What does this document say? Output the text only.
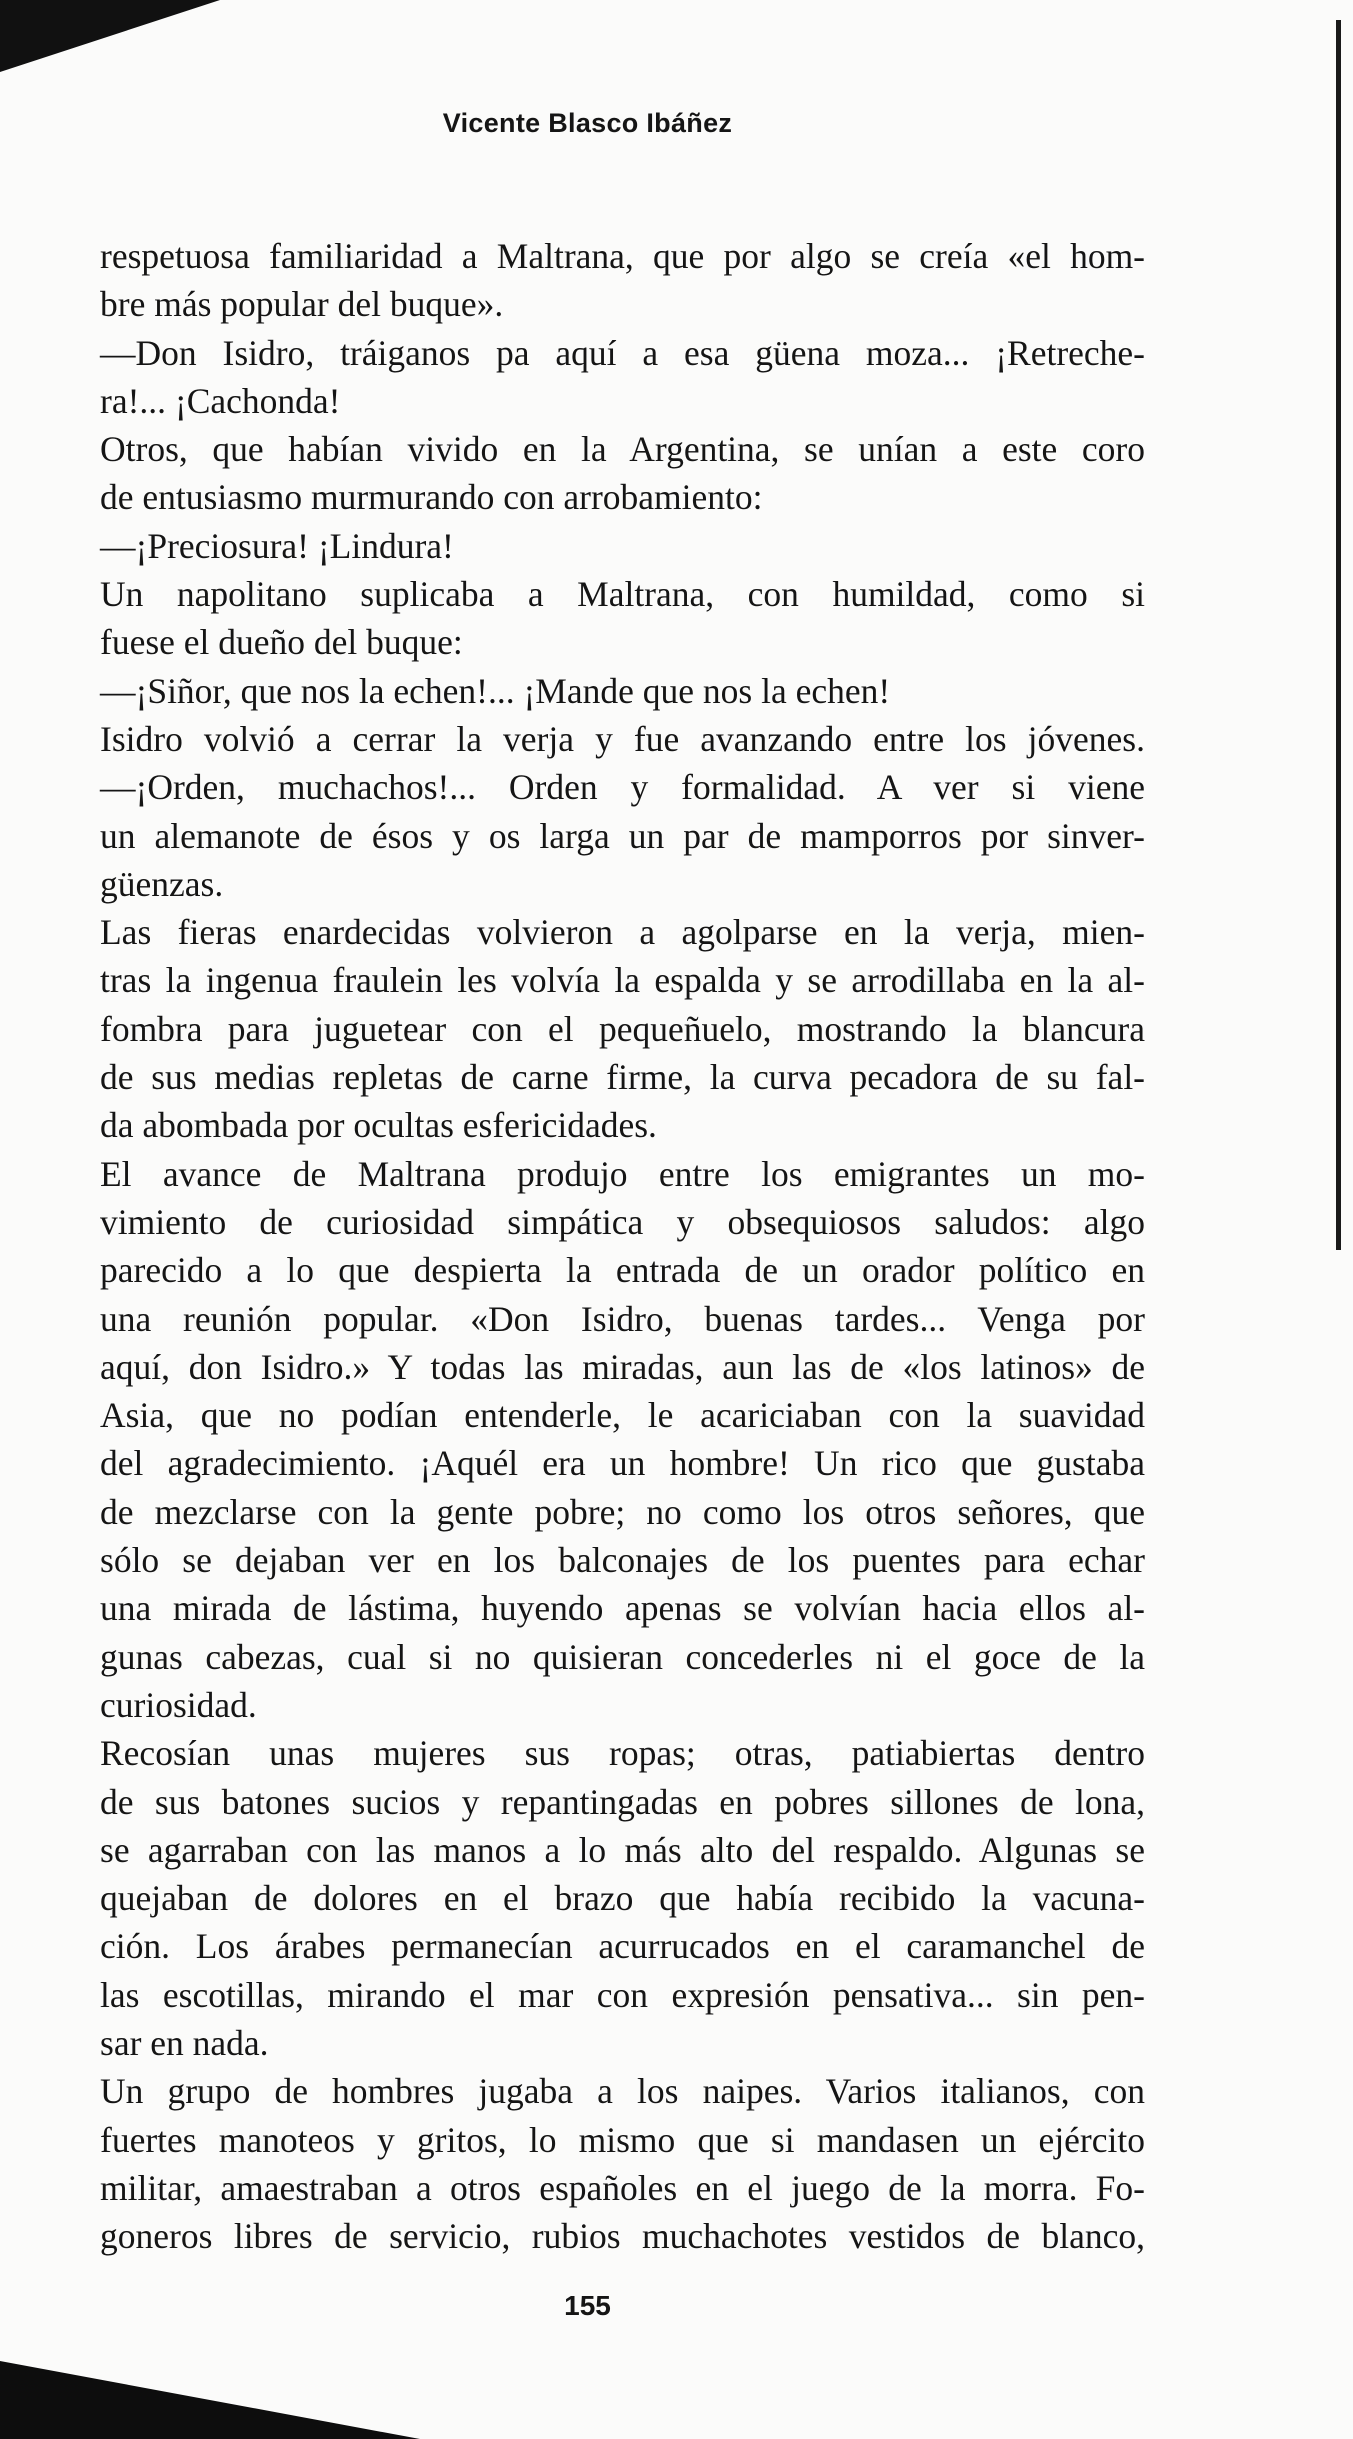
Vicente Blasco Ibáñez
respetuosa familiaridad a Maltrana, que por algo se creía «el hom-
bre más popular del buque».
—Don Isidro, tráiganos pa aquí a esa güena moza... ¡Retreche-
ra!... ¡Cachonda!
Otros, que habían vivido en la Argentina, se unían a este coro
de entusiasmo murmurando con arrobamiento:
—¡Preciosura! ¡Lindura!
Un napolitano suplicaba a Maltrana, con humildad, como si
fuese el dueño del buque:
—¡Siñor, que nos la echen!... ¡Mande que nos la echen!
Isidro volvió a cerrar la verja y fue avanzando entre los jóvenes.
—¡Orden, muchachos!... Orden y formalidad. A ver si viene
un alemanote de ésos y os larga un par de mamporros por sinver-
güenzas.
Las fieras enardecidas volvieron a agolparse en la verja, mien-
tras la ingenua fraulein les volvía la espalda y se arrodillaba en la al-
fombra para juguetear con el pequeñuelo, mostrando la blancura
de sus medias repletas de carne firme, la curva pecadora de su fal-
da abombada por ocultas esfericidades.
El avance de Maltrana produjo entre los emigrantes un mo-
vimiento de curiosidad simpática y obsequiosos saludos: algo
parecido a lo que despierta la entrada de un orador político en
una reunión popular. «Don Isidro, buenas tardes... Venga por
aquí, don Isidro.» Y todas las miradas, aun las de «los latinos» de
Asia, que no podían entenderle, le acariciaban con la suavidad
del agradecimiento. ¡Aquél era un hombre! Un rico que gustaba
de mezclarse con la gente pobre; no como los otros señores, que
sólo se dejaban ver en los balconajes de los puentes para echar
una mirada de lástima, huyendo apenas se volvían hacia ellos al-
gunas cabezas, cual si no quisieran concederles ni el goce de la
curiosidad.
Recosían unas mujeres sus ropas; otras, patiabiertas dentro
de sus batones sucios y repantingadas en pobres sillones de lona,
se agarraban con las manos a lo más alto del respaldo. Algunas se
quejaban de dolores en el brazo que había recibido la vacuna-
ción. Los árabes permanecían acurrucados en el caramanchel de
las escotillas, mirando el mar con expresión pensativa... sin pen-
sar en nada.
Un grupo de hombres jugaba a los naipes. Varios italianos, con
fuertes manoteos y gritos, lo mismo que si mandasen un ejército
militar, amaestraban a otros españoles en el juego de la morra. Fo-
goneros libres de servicio, rubios muchachotes vestidos de blanco,
155
